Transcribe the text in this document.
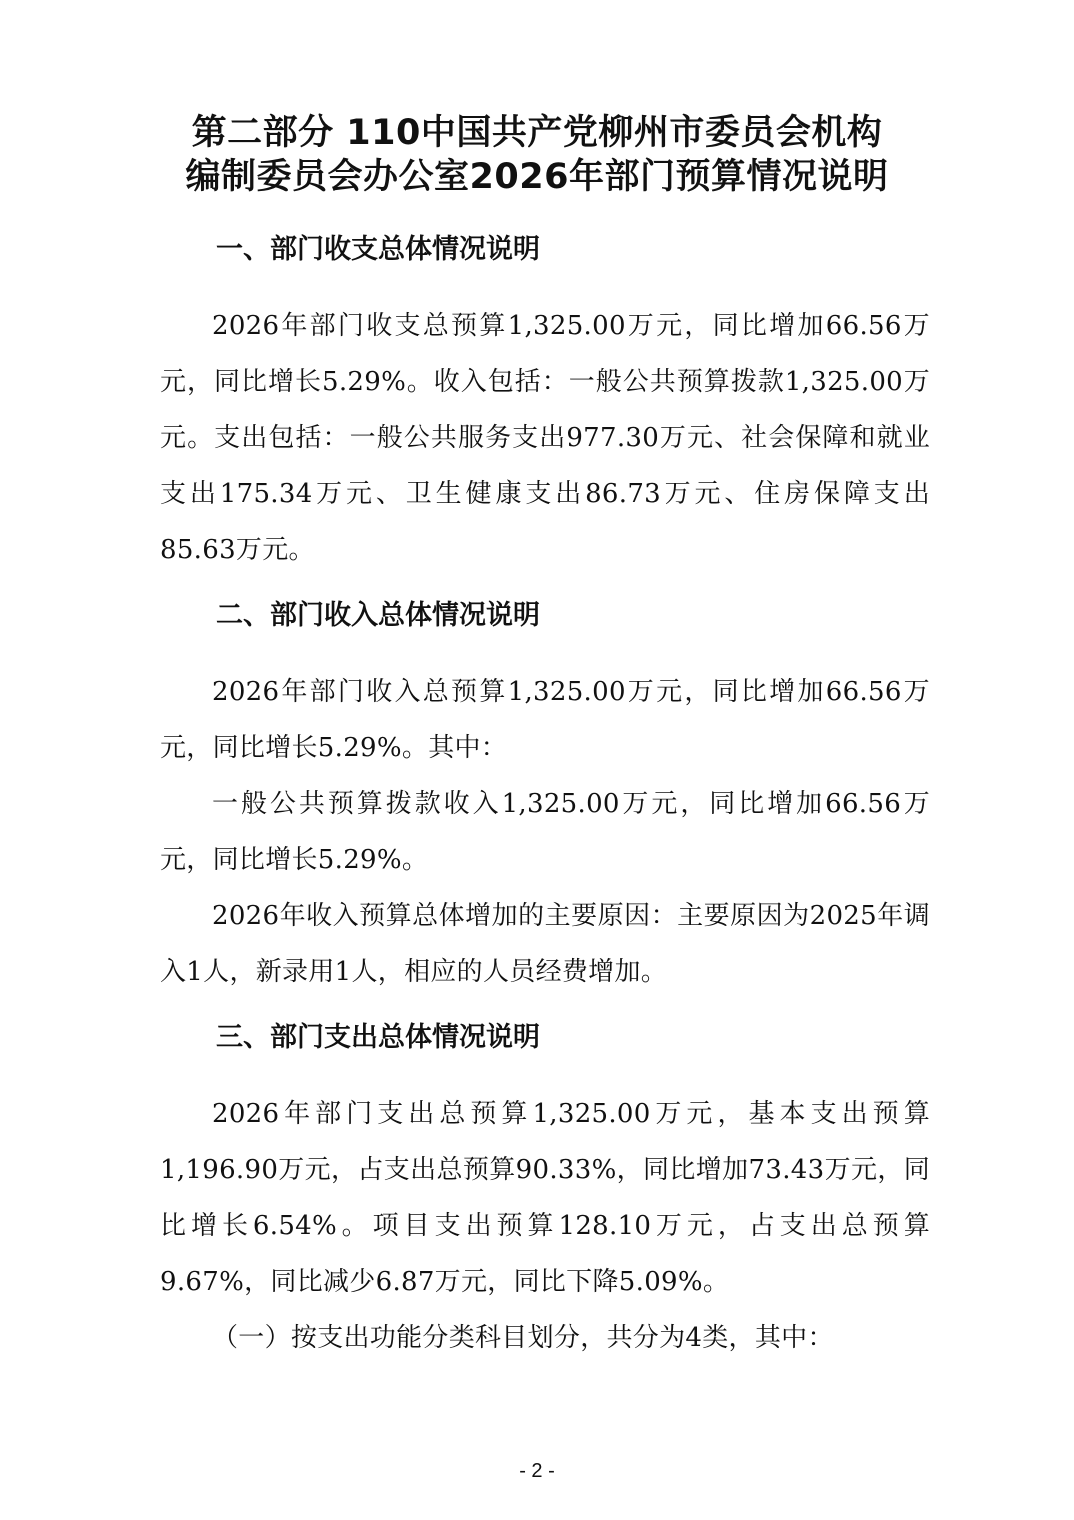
第二部分 110中国共产党柳州市委员会机构
编制委员会办公室2026年部门预算情况说明
一、部门收支总体情况说明

2026年部门收支总预算1,325.00万元，同比增加66.56万元，同比增长5.29%。收入包括：一般公共预算拨款1,325.00万元。支出包括：一般公共服务支出977.30万元、社会保障和就业支出175.34万元、卫生健康支出86.73万元、住房保障支出85.63万元。

二、部门收入总体情况说明

2026年部门收入总预算1,325.00万元，同比增加66.56万元，同比增长5.29%。其中：

一般公共预算拨款收入1,325.00万元，同比增加66.56万元，同比增长5.29%。

2026年收入预算总体增加的主要原因：主要原因为2025年调入1人，新录用1人，相应的人员经费增加。

三、部门支出总体情况说明

2026年部门支出总预算1,325.00万元，基本支出预算1,196.90万元，占支出总预算90.33%，同比增加73.43万元，同比增长6.54%。项目支出预算128.10万元，占支出总预算9.67%，同比减少6.87万元，同比下降5.09%。

（一）按支出功能分类科目划分，共分为4类，其中：

- 2 -
